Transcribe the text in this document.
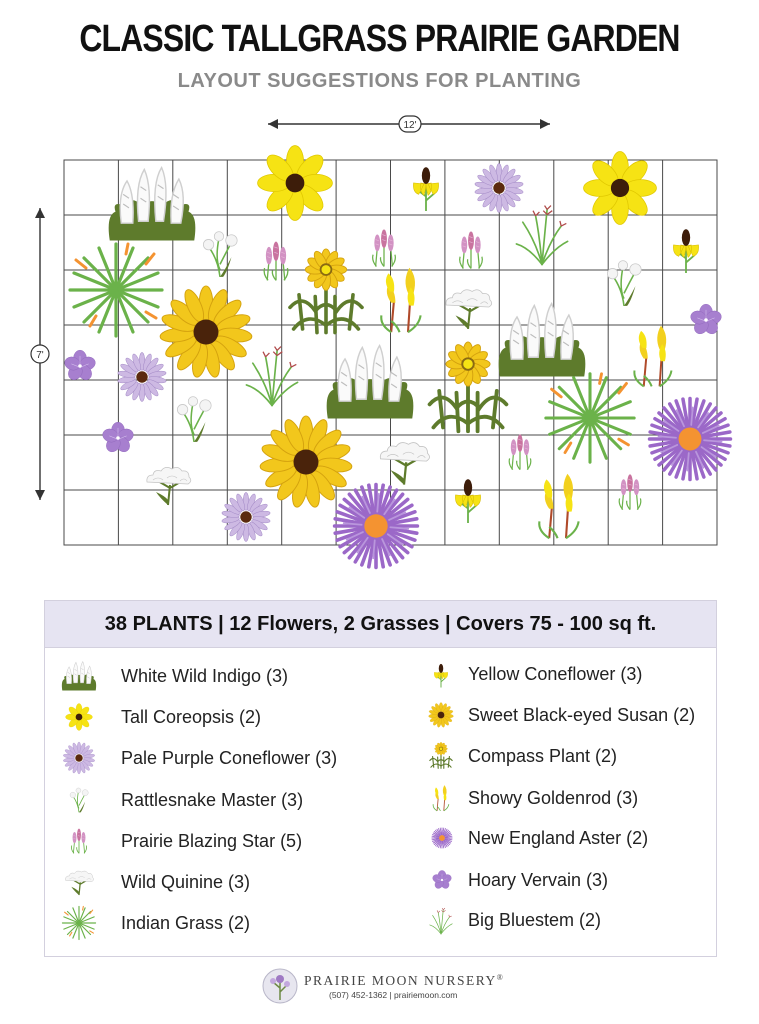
CLASSIC TALLGRASS PRAIRIE GARDEN
LAYOUT SUGGESTIONS FOR PLANTING
12'
7'
38 PLANTS | 12 Flowers, 2 Grasses | Covers 75 - 100 sq ft.
White Wild Indigo (3)
Tall Coreopsis (2)
Pale Purple Coneflower (3)
Rattlesnake Master (3)
Prairie Blazing Star (5)
Wild Quinine (3)
Indian Grass (2)
Yellow Coneflower (3)
Sweet Black-eyed Susan (2)
Compass Plant (2)
Showy Goldenrod (3)
New England Aster (2)
Hoary Vervain (3)
Big Bluestem (2)
PRAIRIE MOON NURSERY®
(507) 452-1362 | prairiemoon.com
